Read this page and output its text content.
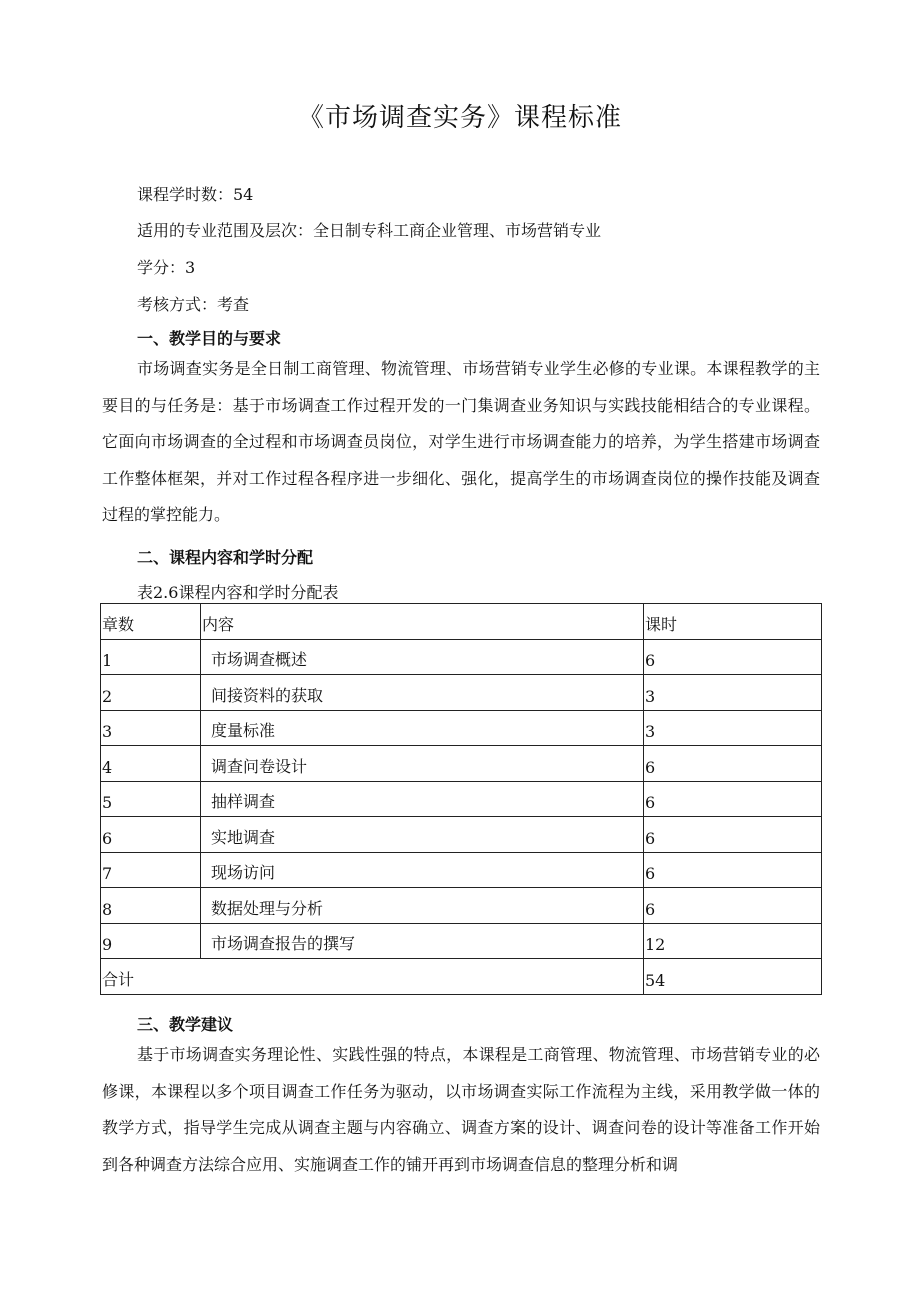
《市场调查实务》课程标准
课程学时数：54
适用的专业范围及层次：全日制专科工商企业管理、市场营销专业
学分：3
考核方式：考查
一、教学目的与要求

市场调查实务是全日制工商管理、物流管理、市场营销专业学生必修的专业课。本课程教学的主要目的与任务是：基于市场调查工作过程开发的一门集调查业务知识与实践技能相结合的专业课程。它面向市场调查的全过程和市场调查员岗位，对学生进行市场调查能力的培养，为学生搭建市场调查工作整体框架，并对工作过程各程序进一步细化、强化，提高学生的市场调查岗位的操作技能及调查过程的掌控能力。

二、课程内容和学时分配
表2.6课程内容和学时分配表
章数	内容	课时
1	市场调查概述	6
2	间接资料的获取	3
3	度量标准	3
4	调查问卷设计	6
5	抽样调查	6
6	实地调查	6
7	现场访问	6
8	数据处理与分析	6
9	市场调查报告的撰写	12
合计		54
三、教学建议

基于市场调查实务理论性、实践性强的特点，本课程是工商管理、物流管理、市场营销专业的必修课，本课程以多个项目调查工作任务为驱动，以市场调查实际工作流程为主线，采用教学做一体的教学方式，指导学生完成从调查主题与内容确立、调查方案的设计、调查问卷的设计等准备工作开始到各种调查方法综合应用、实施调查工作的铺开再到市场调查信息的整理分析和调
